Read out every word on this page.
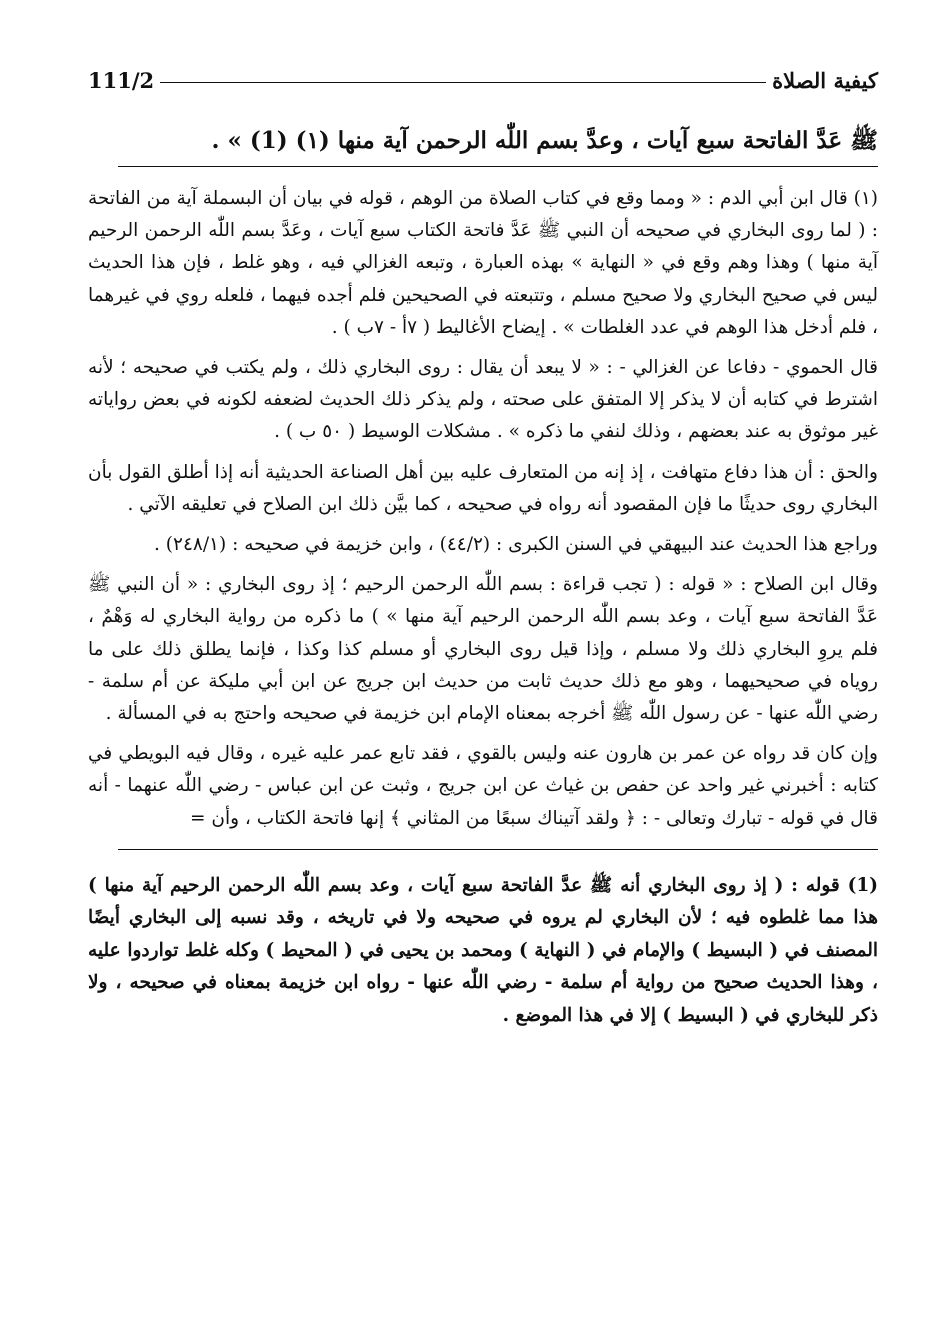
كيفية الصلاة
111/2
ﷺ عَدَّ الفاتحة سبع آيات ، وعدَّ بسم اللّٰه الرحمن آية منها (١) (1) » .

(١) قال ابن أبي الدم : « ومما وقع في كتاب الصلاة من الوهم ، قوله في بيان أن البسملة آية من الفاتحة : ( لما روى البخاري في صحيحه أن النبي ﷺ عَدَّ فاتحة الكتاب سبع آيات ، وعَدَّ بسم اللّٰه الرحمن الرحيم آية منها ) وهذا وهم وقع في « النهاية » بهذه العبارة ، وتبعه الغزالي فيه ، وهو غلط ، فإن هذا الحديث ليس في صحيح البخاري ولا صحيح مسلم ، وتتبعته في الصحيحين فلم أجده فيهما ، فلعله روي في غيرهما ، فلم أدخل هذا الوهم في عدد الغلطات » . إيضاح الأغاليط ( ٧أ - ٧ب ) .

قال الحموي - دفاعا عن الغزالي - : « لا يبعد أن يقال : روى البخاري ذلك ، ولم يكتب في صحيحه ؛ لأنه اشترط في كتابه أن لا يذكر إلا المتفق على صحته ، ولم يذكر ذلك الحديث لضعفه لكونه في بعض رواياته غير موثوق به عند بعضهم ، وذلك لنفي ما ذكره » . مشكلات الوسيط ( ٥٠ ب ) .

والحق : أن هذا دفاع متهافت ، إذ إنه من المتعارف عليه بين أهل الصناعة الحديثية أنه إذا أطلق القول بأن البخاري روى حديثًا ما فإن المقصود أنه رواه في صحيحه ، كما بيَّن ذلك ابن الصلاح في تعليقه الآتي .

وراجع هذا الحديث عند البيهقي في السنن الكبرى : (٤٤/٢) ، وابن خزيمة في صحيحه : (٢٤٨/١) .

وقال ابن الصلاح : « قوله : ( تجب قراءة : بسم اللّٰه الرحمن الرحيم ؛ إذ روى البخاري : « أن النبي ﷺ عَدَّ الفاتحة سبع آيات ، وعد بسم اللّٰه الرحمن الرحيم آية منها » ) ما ذكره من رواية البخاري له وَهْمٌ ، فلم يروِ البخاري ذلك ولا مسلم ، وإذا قيل روى البخاري أو مسلم كذا وكذا ، فإنما يطلق ذلك على ما روياه في صحيحيهما ، وهو مع ذلك حديث ثابت من حديث ابن جريج عن ابن أبي مليكة عن أم سلمة - رضي اللّٰه عنها - عن رسول اللّٰه ﷺ أخرجه بمعناه الإمام ابن خزيمة في صحيحه واحتج به في المسألة .

وإن كان قد رواه عن عمر بن هارون عنه وليس بالقوي ، فقد تابع عمر عليه غيره ، وقال فيه البويطي في كتابه : أخبرني غير واحد عن حفص بن غياث عن ابن جريج ، وثبت عن ابن عباس - رضي اللّٰه عنهما - أنه قال في قوله - تبارك وتعالى - : ﴿ ولقد آتيناك سبعًا من المثاني ﴾ إنها فاتحة الكتاب ، وأن =

(1) قوله : ( إذ روى البخاري أنه ﷺ عدَّ الفاتحة سبع آيات ، وعد بسم اللّٰه الرحمن الرحيم آية منها ) هذا مما غلطوه فيه ؛ لأن البخاري لم يروه في صحيحه ولا في تاريخه ، وقد نسبه إلى البخاري أيضًا المصنف في ( البسيط ) والإمام في ( النهاية ) ومحمد بن يحيى في ( المحيط ) وكله غلط تواردوا عليه ، وهذا الحديث صحيح من رواية أم سلمة - رضي اللّٰه عنها - رواه ابن خزيمة بمعناه في صحيحه ، ولا ذكر للبخاري في ( البسيط ) إلا في هذا الموضع .
